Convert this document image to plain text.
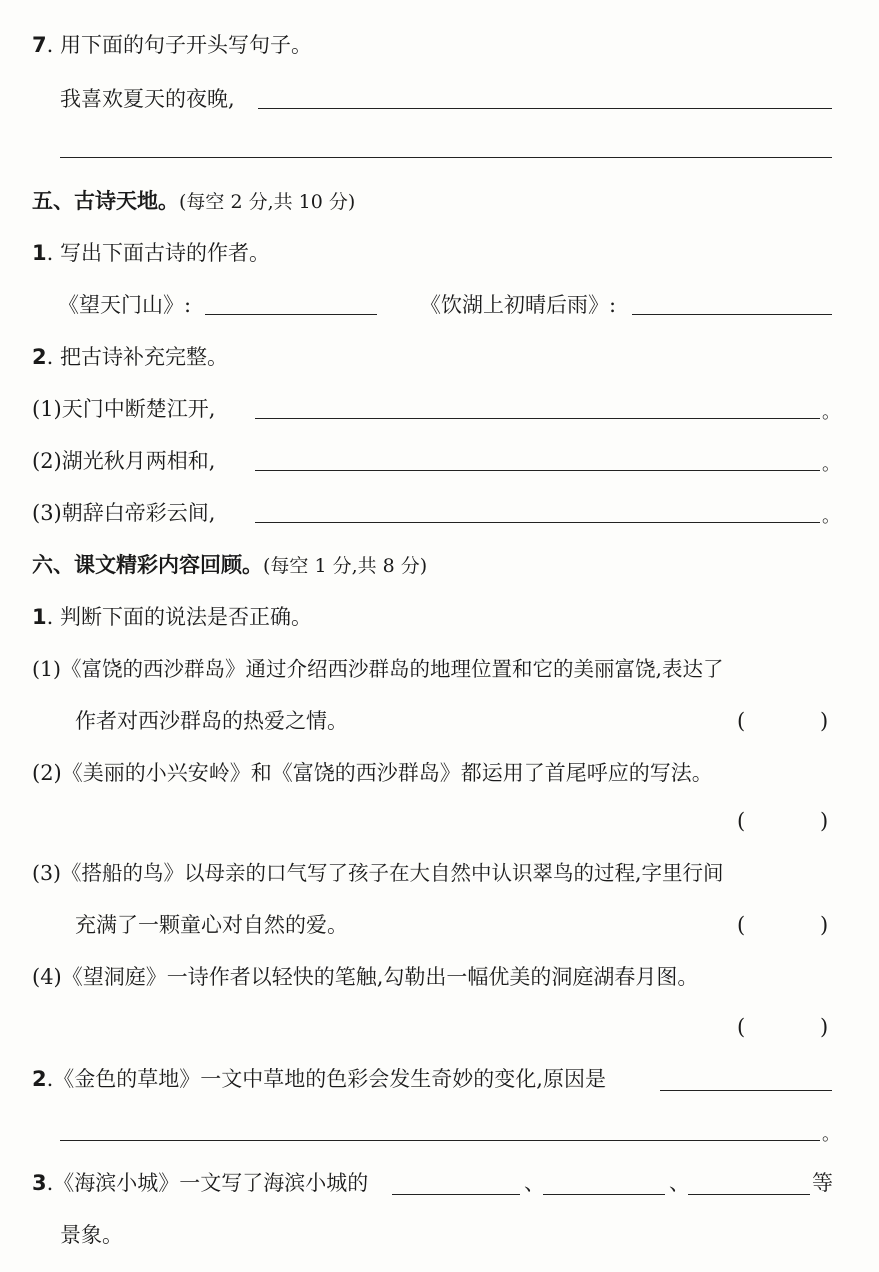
7. 用下面的句子开头写句子。
我喜欢夏天的夜晚,
五、古诗天地。(每空 2 分,共 10 分)
1. 写出下面古诗的作者。
《望天门山》:	《饮湖上初晴后雨》:
2. 把古诗补充完整。
(1)天门中断楚江开,	。
(2)湖光秋月两相和,	。
(3)朝辞白帝彩云间,	。
六、课文精彩内容回顾。(每空 1 分,共 8 分)
1. 判断下面的说法是否正确。
(1)《富饶的西沙群岛》通过介绍西沙群岛的地理位置和它的美丽富饶,表达了
作者对西沙群岛的热爱之情。	(	)
(2)《美丽的小兴安岭》和《富饶的西沙群岛》都运用了首尾呼应的写法。
(	)
(3)《搭船的鸟》以母亲的口气写了孩子在大自然中认识翠鸟的过程,字里行间
充满了一颗童心对自然的爱。	(	)
(4)《望洞庭》一诗作者以轻快的笔触,勾勒出一幅优美的洞庭湖春月图。
(	)
2.《金色的草地》一文中草地的色彩会发生奇妙的变化,原因是
。
3.《海滨小城》一文写了海滨小城的	、	、	等
景象。
